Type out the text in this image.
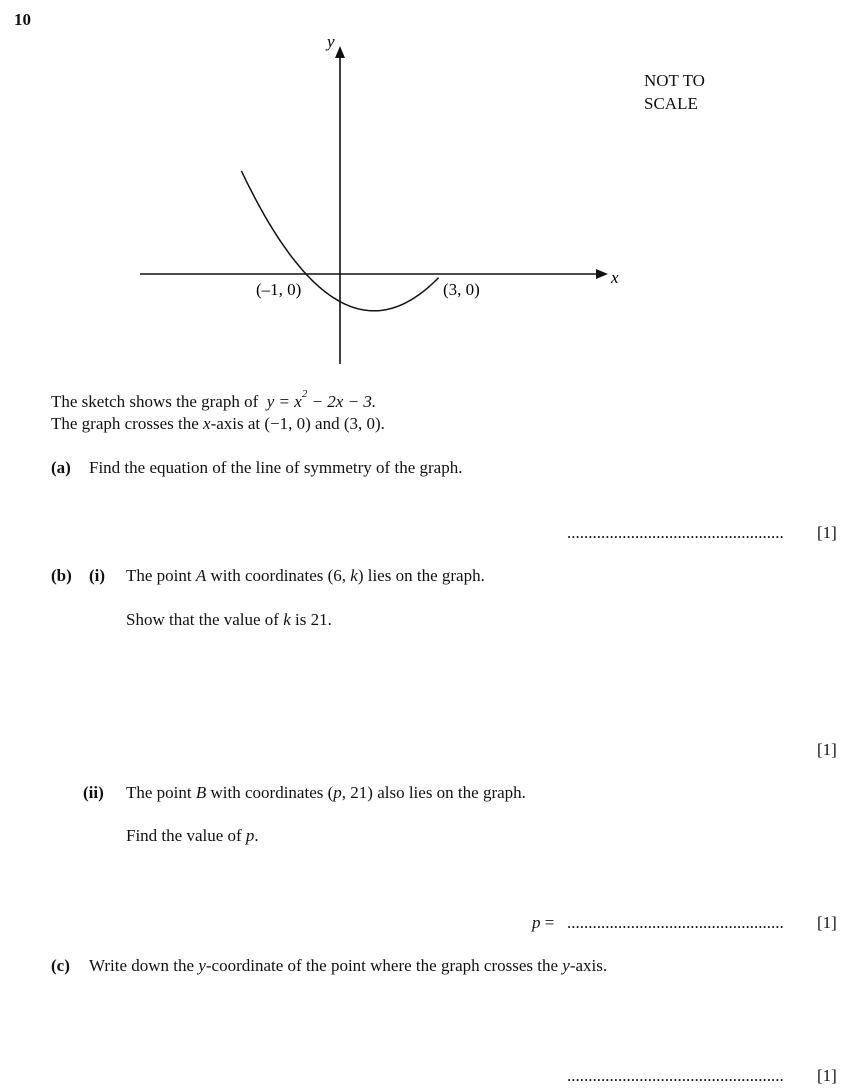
10
x
y
(–1, 0)	(3, 0)
NOT TO
SCALE
The sketch shows the graph of $y = x^2 - 2x - 3$.
The graph crosses the x-axis at (−1, 0) and (3, 0).
(a) Find the equation of the line of symmetry of the graph.
................................................... [1]
(b) (i) The point A with coordinates (6, k) lies on the graph.
Show that the value of k is 21.
[1]
(ii) The point B with coordinates (p, 21) also lies on the graph.
Find the value of p.
p = ................................................... [1]
(c) Write down the y-coordinate of the point where the graph crosses the y-axis.
................................................... [1]
